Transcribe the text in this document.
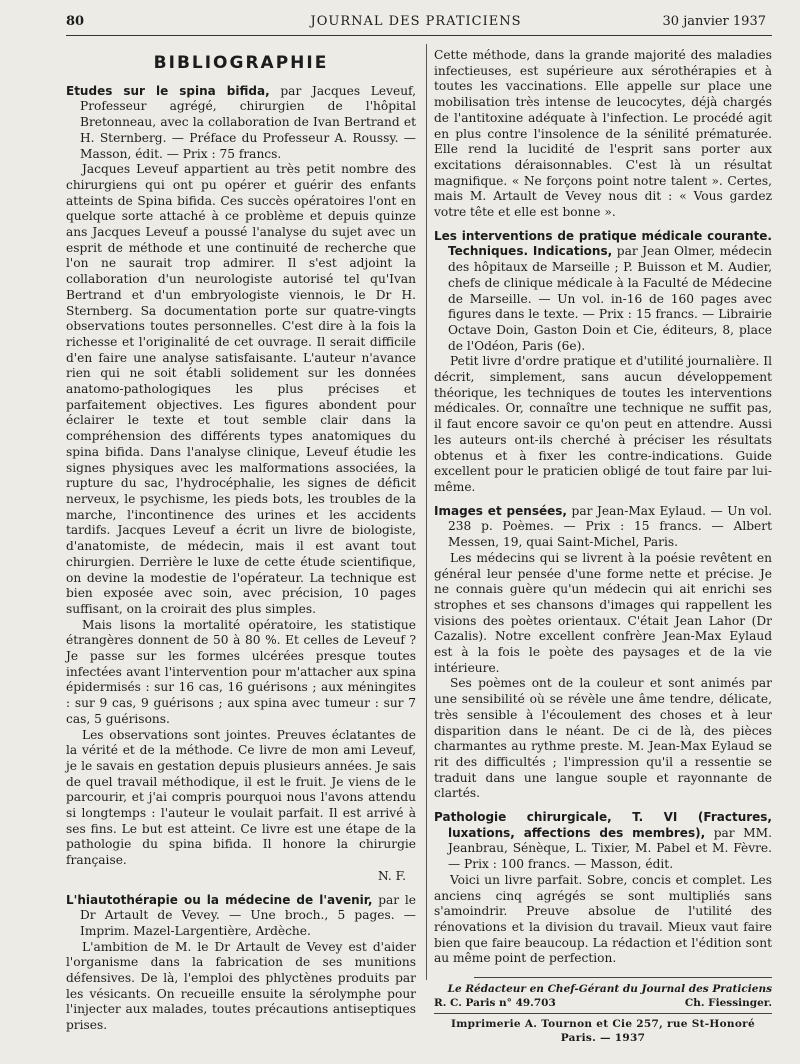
80	JOURNAL DES PRATICIENS	30 janvier 1937
BIBLIOGRAPHIE

Etudes sur le spina bifida, par Jacques Leveuf, Professeur agrégé, chirurgien de l'hôpital Bretonneau, avec la collaboration de Ivan Bertrand et H. Sternberg. — Préface du Professeur A. Roussy. — Masson, édit. — Prix : 75 francs.

Jacques Leveuf appartient au très petit nombre des chirurgiens qui ont pu opérer et guérir des enfants atteints de Spina bifida. Ces succès opératoires l'ont en quelque sorte attaché à ce problème et depuis quinze ans Jacques Leveuf a poussé l'analyse du sujet avec un esprit de méthode et une continuité de recherche que l'on ne saurait trop admirer. Il s'est adjoint la collaboration d'un neurologiste autorisé tel qu'Ivan Bertrand et d'un embryologiste viennois, le Dr H. Sternberg. Sa documentation porte sur quatre-vingts observations toutes personnelles. C'est dire à la fois la richesse et l'originalité de cet ouvrage. Il serait difficile d'en faire une analyse satisfaisante. L'auteur n'avance rien qui ne soit établi solidement sur les données anatomo-pathologiques les plus précises et parfaitement objectives. Les figures abondent pour éclairer le texte et tout semble clair dans la compréhension des différents types anatomiques du spina bifida. Dans l'analyse clinique, Leveuf étudie les signes physiques avec les malformations associées, la rupture du sac, l'hydrocéphalie, les signes de déficit nerveux, le psychisme, les pieds bots, les troubles de la marche, l'incontinence des urines et les accidents tardifs. Jacques Leveuf a écrit un livre de biologiste, d'anatomiste, de médecin, mais il est avant tout chirurgien. Derrière le luxe de cette étude scientifique, on devine la modestie de l'opérateur. La technique est bien exposée avec soin, avec précision, 10 pages suffisant, on la croirait des plus simples.

Mais lisons la mortalité opératoire, les statistique étrangères donnent de 50 à 80 %. Et celles de Leveuf ? Je passe sur les formes ulcérées presque toutes infectées avant l'intervention pour m'attacher aux spina épidermisés : sur 16 cas, 16 guérisons ; aux méningites : sur 9 cas, 9 guérisons ; aux spina avec tumeur : sur 7 cas, 5 guérisons.

Les observations sont jointes. Preuves éclatantes de la vérité et de la méthode. Ce livre de mon ami Leveuf, je le savais en gestation depuis plusieurs années. Je sais de quel travail méthodique, il est le fruit. Je viens de le parcourir, et j'ai compris pourquoi nous l'avons attendu si longtemps : l'auteur le voulait parfait. Il est arrivé à ses fins. Le but est atteint. Ce livre est une étape de la pathologie du spina bifida. Il honore la chirurgie française.

N. F.

L'hiautothérapie ou la médecine de l'avenir, par le Dr Artault de Vevey. — Une broch., 5 pages. — Imprim. Mazel-Largentière, Ardèche.

L'ambition de M. le Dr Artault de Vevey est d'aider l'organisme dans la fabrication de ses munitions défensives. De là, l'emploi des phlyctènes produits par les vésicants. On recueille ensuite la sérolymphe pour l'injecter aux malades, toutes précautions antiseptiques prises.

Cette méthode, dans la grande majorité des maladies infectieuses, est supérieure aux sérothérapies et à toutes les vaccinations. Elle appelle sur place une mobilisation très intense de leucocytes, déjà chargés de l'antitoxine adéquate à l'infection. Le procédé agit en plus contre l'insolence de la sénilité prématurée. Elle rend la lucidité de l'esprit sans porter aux excitations déraisonnables. C'est là un résultat magnifique. « Ne forçons point notre talent ». Certes, mais M. Artault de Vevey nous dit : « Vous gardez votre tête et elle est bonne ».

Les interventions de pratique médicale courante. Techniques. Indications, par Jean Olmer, médecin des hôpitaux de Marseille ; P. Buisson et M. Audier, chefs de clinique médicale à la Faculté de Médecine de Marseille. — Un vol. in-16 de 160 pages avec figures dans le texte. — Prix : 15 francs. — Librairie Octave Doin, Gaston Doin et Cie, éditeurs, 8, place de l'Odéon, Paris (6e).

Petit livre d'ordre pratique et d'utilité journalière. Il décrit, simplement, sans aucun développement théorique, les techniques de toutes les interventions médicales. Or, connaître une technique ne suffit pas, il faut encore savoir ce qu'on peut en attendre. Aussi les auteurs ont-ils cherché à préciser les résultats obtenus et à fixer les contre-indications. Guide excellent pour le praticien obligé de tout faire par lui-même.

Images et pensées, par Jean-Max Eylaud. — Un vol. 238 p. Poèmes. — Prix : 15 francs. — Albert Messen, 19, quai Saint-Michel, Paris.

Les médecins qui se livrent à la poésie revêtent en général leur pensée d'une forme nette et précise. Je ne connais guère qu'un médecin qui ait enrichi ses strophes et ses chansons d'images qui rappellent les visions des poètes orientaux. C'était Jean Lahor (Dr Cazalis). Notre excellent confrère Jean-Max Eylaud est à la fois le poète des paysages et de la vie intérieure.

Ses poèmes ont de la couleur et sont animés par une sensibilité où se révèle une âme tendre, délicate, très sensible à l'écoulement des choses et à leur disparition dans le néant. De ci de là, des pièces charmantes au rythme preste. M. Jean-Max Eylaud se rit des difficultés ; l'impression qu'il a ressentie se traduit dans une langue souple et rayonnante de clartés.

Pathologie chirurgicale, T. VI (Fractures, luxations, affections des membres), par MM. Jeanbrau, Sénèque, L. Tixier, M. Pabel et M. Fèvre. — Prix : 100 francs. — Masson, édit.

Voici un livre parfait. Sobre, concis et complet. Les anciens cinq agrégés se sont multipliés sans s'amoindrir. Preuve absolue de l'utilité des rénovations et la division du travail. Mieux vaut faire bien que faire beaucoup. La rédaction et l'édition sont au même point de perfection.

Le Rédacteur en Chef-Gérant du Journal des Praticiens
R. C. Paris n° 49.703	Ch. Fiessinger.
Imprimerie A. Tournon et Cie 257, rue St-Honoré Paris. — 1937
